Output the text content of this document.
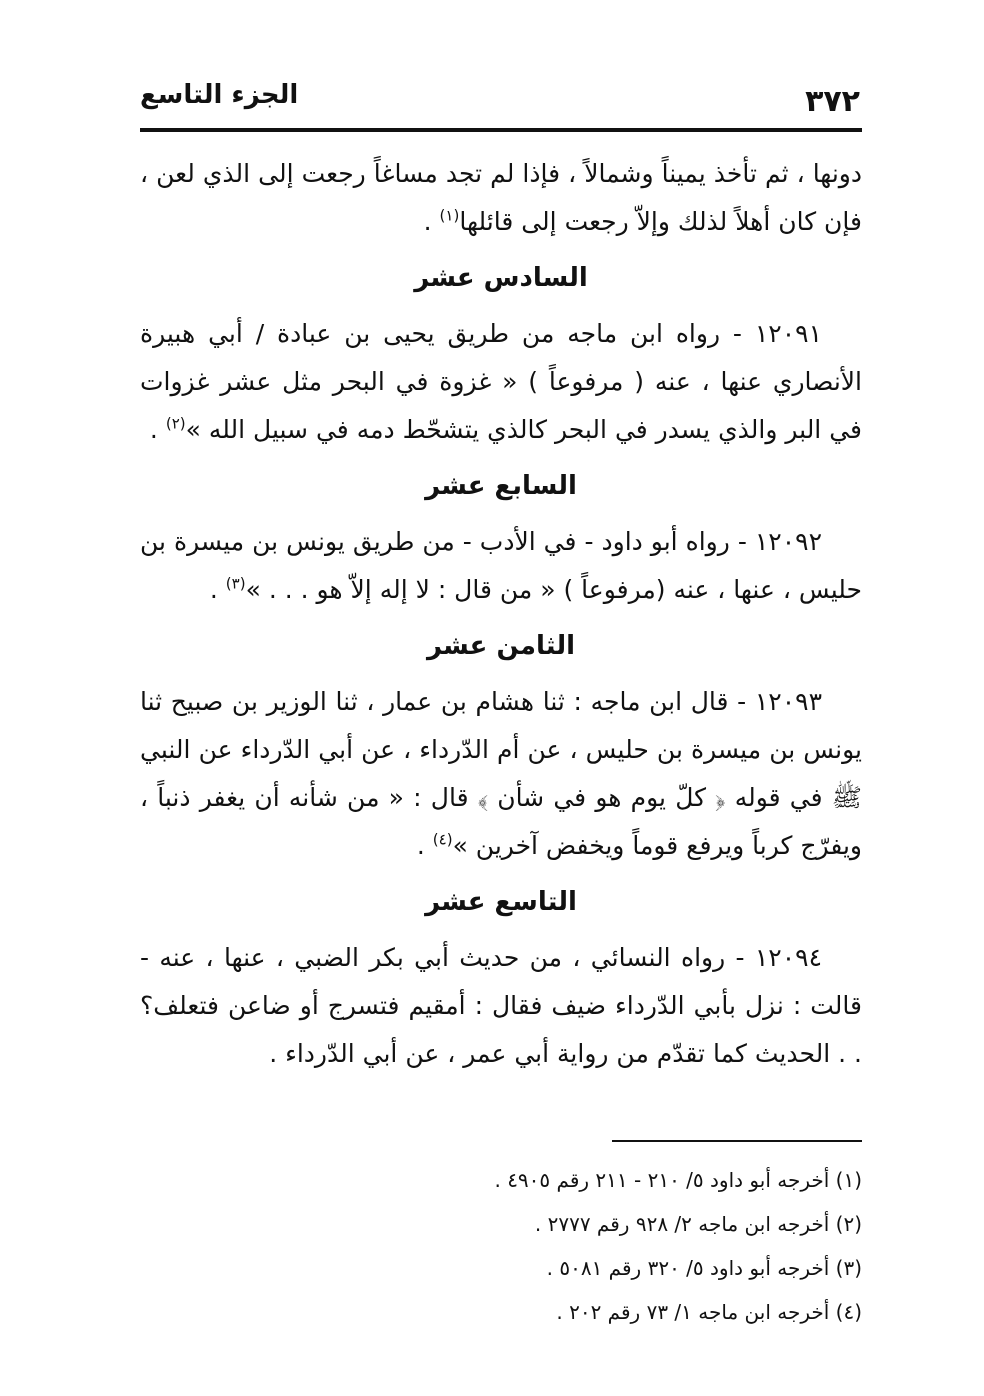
٣٧٢
الجزء التاسع

دونها ، ثم تأخذ يميناً وشمالاً ، فإذا لم تجد مساغاً رجعت إلى الذي لعن ، فإن كان أهلاً لذلك وإلاّ رجعت إلى قائلها$^{(١)}$ .

السادس عشر

١٢٠٩١ - رواه ابن ماجه من طريق يحيى بن عبادة / أبي هبيرة الأنصاري عنها ، عنه ( مرفوعاً ) « غزوة في البحر مثل عشر غزوات في البر والذي يسدر في البحر كالذي يتشحّط دمه في سبيل الله »$^{(٢)}$ .

السابع عشر

١٢٠٩٢ - رواه أبو داود - في الأدب - من طريق يونس بن ميسرة بن حليس ، عنها ، عنه (مرفوعاً ) « من قال : لا إله إلاّ هو . . . »$^{(٣)}$ .

الثامن عشر

١٢٠٩٣ - قال ابن ماجه : ثنا هشام بن عمار ، ثنا الوزير بن صبيح ثنا يونس بن ميسرة بن حليس ، عن أم الدّرداء ، عن أبي الدّرداء عن النبي ﷺ في قوله ﴿ كلّ يوم هو في شأن ﴾ قال : « من شأنه أن يغفر ذنباً ، ويفرّج كرباً ويرفع قوماً ويخفض آخرين »$^{(٤)}$ .

التاسع عشر

١٢٠٩٤ - رواه النسائي ، من حديث أبي بكر الضبي ، عنها ، عنه - قالت : نزل بأبي الدّرداء ضيف فقال : أمقيم فتسرج أو ضاعن فتعلف؟ . . الحديث كما تقدّم من رواية أبي عمر ، عن أبي الدّرداء .

(١) أخرجه أبو داود ٥/ ٢١٠ - ٢١١ رقم ٤٩٠٥ .

(٢) أخرجه ابن ماجه ٢/ ٩٢٨ رقم ٢٧٧٧ .

(٣) أخرجه أبو داود ٥/ ٣٢٠ رقم ٥٠٨١ .

(٤) أخرجه ابن ماجه ١/ ٧٣ رقم ٢٠٢ .
